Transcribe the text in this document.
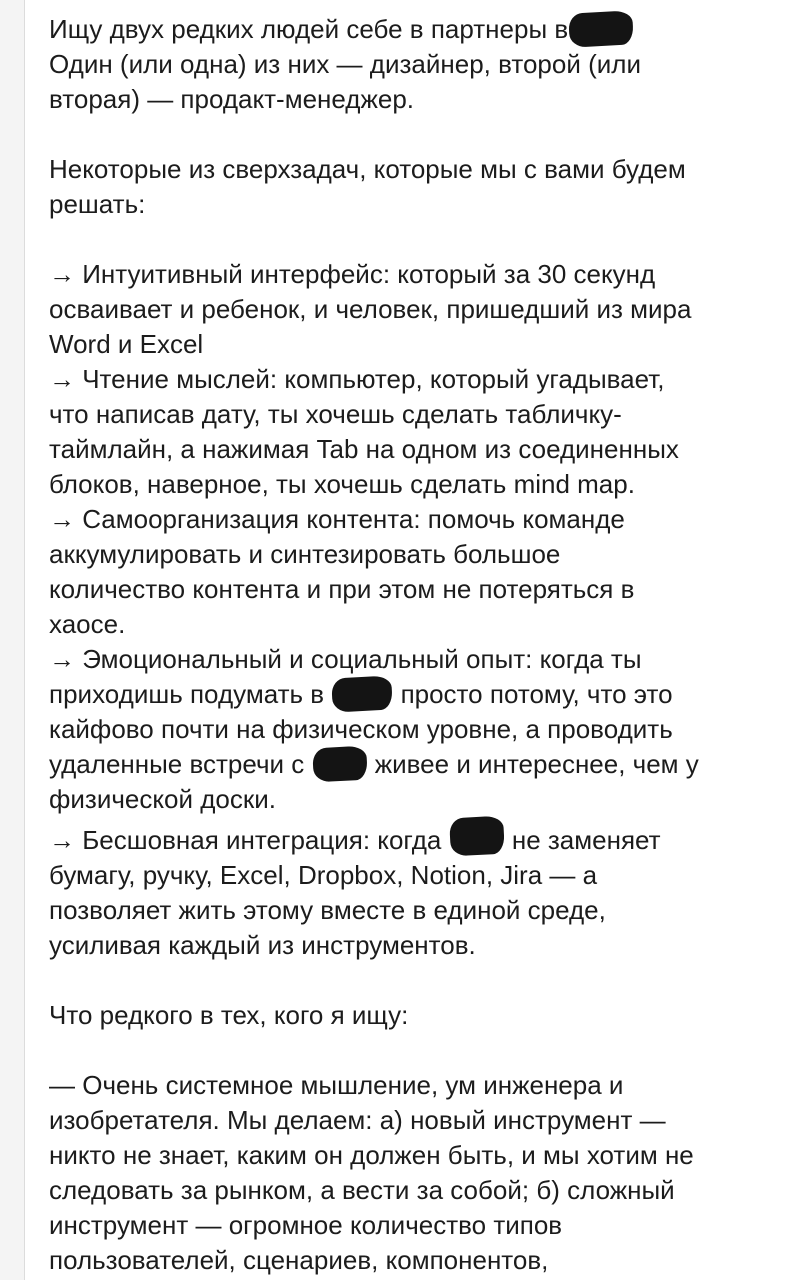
Ищу двух редких людей себе в партнеры в
Один (или одна) из них — дизайнер, второй (или
вторая) — продакт-менеджер.
Некоторые из сверхзадач, которые мы с вами будем
решать:
→ Интуитивный интерфейс: который за 30 секунд
осваивает и ребенок, и человек, пришедший из мира
Word и Excel
→ Чтение мыслей: компьютер, который угадывает,
что написав дату, ты хочешь сделать табличку-
таймлайн, а нажимая Tab на одном из соединенных
блоков, наверное, ты хочешь сделать mind map.
→ Самоорганизация контента: помочь команде
аккумулировать и синтезировать большое
количество контента и при этом не потеряться в
хаосе.
→ Эмоциональный и социальный опыт: когда ты
приходишь подумать в	просто потому, что это
кайфово почти на физическом уровне, а проводить
удаленные встречи с	живее и интереснее, чем у
физической доски.
→ Бесшовная интеграция: когда	не заменяет
бумагу, ручку, Excel, Dropbox, Notion, Jira — а
позволяет жить этому вместе в единой среде,
усиливая каждый из инструментов.
Что редкого в тех, кого я ищу:
— Очень системное мышление, ум инженера и
изобретателя. Мы делаем: а) новый инструмент —
никто не знает, каким он должен быть, и мы хотим не
следовать за рынком, а вести за собой; б) сложный
инструмент — огромное количество типов
пользователей, сценариев, компонентов,
